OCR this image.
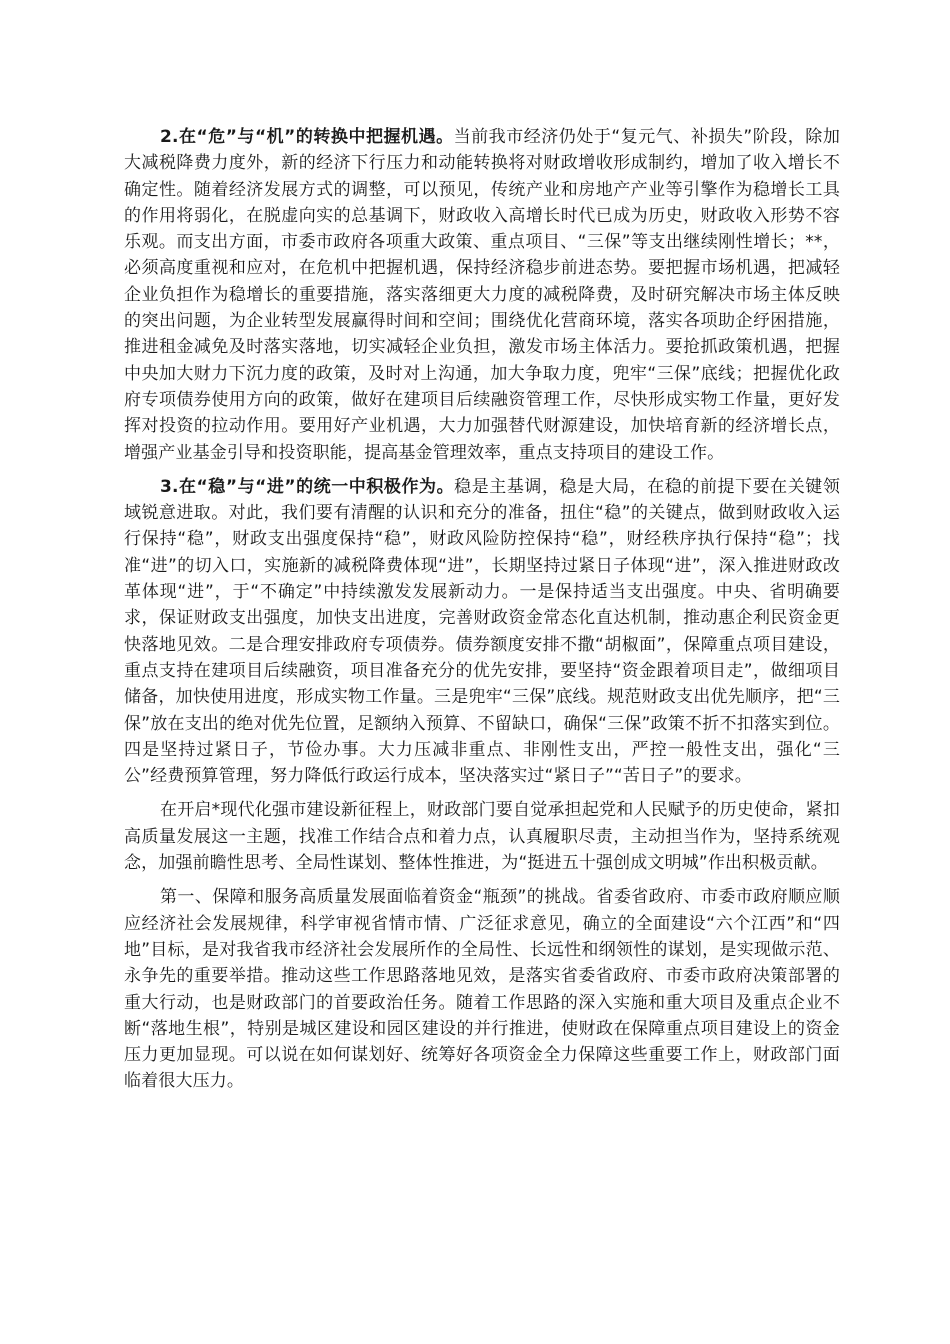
2.在“危”与“机”的转换中把握机遇。当前我市经济仍处于“复元气、补损失”阶段，除加大减税降费力度外，新的经济下行压力和动能转换将对财政增收形成制约，增加了收入增长不确定性。随着经济发展方式的调整，可以预见，传统产业和房地产产业等引擎作为稳增长工具的作用将弱化，在脱虚向实的总基调下，财政收入高增长时代已成为历史，财政收入形势不容乐观。而支出方面，市委市政府各项重大政策、重点项目、“三保”等支出继续刚性增长；**，必须高度重视和应对，在危机中把握机遇，保持经济稳步前进态势。要把握市场机遇，把减轻企业负担作为稳增长的重要措施，落实落细更大力度的减税降费，及时研究解决市场主体反映的突出问题，为企业转型发展赢得时间和空间；围绕优化营商环境，落实各项助企纾困措施，推进租金减免及时落实落地，切实减轻企业负担，激发市场主体活力。要抢抓政策机遇，把握中央加大财力下沉力度的政策，及时对上沟通，加大争取力度，兜牢“三保”底线；把握优化政府专项债券使用方向的政策，做好在建项目后续融资管理工作，尽快形成实物工作量，更好发挥对投资的拉动作用。要用好产业机遇，大力加强替代财源建设，加快培育新的经济增长点，增强产业基金引导和投资职能，提高基金管理效率，重点支持项目的建设工作。

3.在“稳”与“进”的统一中积极作为。稳是主基调，稳是大局，在稳的前提下要在关键领域锐意进取。对此，我们要有清醒的认识和充分的准备，扭住“稳”的关键点，做到财政收入运行保持“稳”，财政支出强度保持“稳”，财政风险防控保持“稳”，财经秩序执行保持“稳”；找准“进”的切入口，实施新的减税降费体现“进”，长期坚持过紧日子体现“进”，深入推进财政改革体现“进”，于“不确定”中持续激发发展新动力。一是保持适当支出强度。中央、省明确要求，保证财政支出强度，加快支出进度，完善财政资金常态化直达机制，推动惠企利民资金更快落地见效。二是合理安排政府专项债券。债券额度安排不撒“胡椒面”，保障重点项目建设，重点支持在建项目后续融资，项目准备充分的优先安排，要坚持“资金跟着项目走”，做细项目储备，加快使用进度，形成实物工作量。三是兜牢“三保”底线。规范财政支出优先顺序，把“三保”放在支出的绝对优先位置，足额纳入预算、不留缺口，确保“三保”政策不折不扣落实到位。四是坚持过紧日子，节俭办事。大力压减非重点、非刚性支出，严控一般性支出，强化“三公”经费预算管理，努力降低行政运行成本，坚决落实过“紧日子”“苦日子”的要求。

在开启*现代化强市建设新征程上，财政部门要自觉承担起党和人民赋予的历史使命，紧扣高质量发展这一主题，找准工作结合点和着力点，认真履职尽责，主动担当作为，坚持系统观念，加强前瞻性思考、全局性谋划、整体性推进，为“挺进五十强创成文明城”作出积极贡献。

第一、保障和服务高质量发展面临着资金“瓶颈”的挑战。省委省政府、市委市政府顺应顺应经济社会发展规律，科学审视省情市情、广泛征求意见，确立的全面建设“六个江西”和“四地”目标，是对我省我市经济社会发展所作的全局性、长远性和纲领性的谋划，是实现做示范、永争先的重要举措。推动这些工作思路落地见效，是落实省委省政府、市委市政府决策部署的重大行动，也是财政部门的首要政治任务。随着工作思路的深入实施和重大项目及重点企业不断“落地生根”，特别是城区建设和园区建设的并行推进，使财政在保障重点项目建设上的资金压力更加显现。可以说在如何谋划好、统筹好各项资金全力保障这些重要工作上，财政部门面临着很大压力。
